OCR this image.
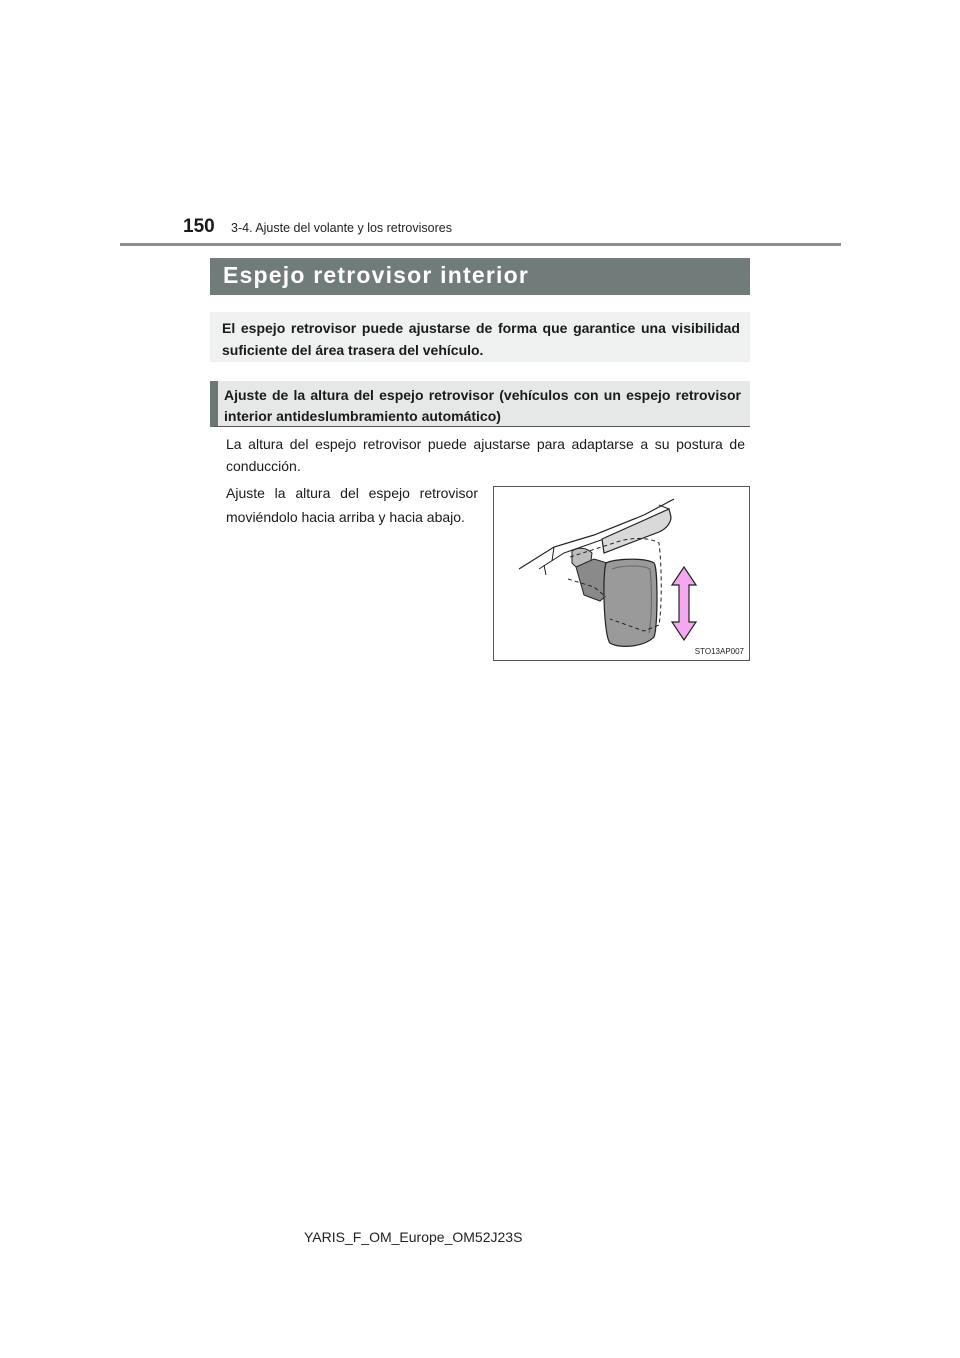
150 3-4. Ajuste del volante y los retrovisores
Espejo retrovisor interior
El espejo retrovisor puede ajustarse de forma que garantice una visibilidad suficiente del área trasera del vehículo.
Ajuste de la altura del espejo retrovisor (vehículos con un espejo retrovisor interior antideslumbramiento automático)

La altura del espejo retrovisor puede ajustarse para adaptarse a su postura de conducción.

Ajuste la altura del espejo retrovisor moviéndolo hacia arriba y hacia abajo.

STO13AP007
YARIS_F_OM_Europe_OM52J23S
